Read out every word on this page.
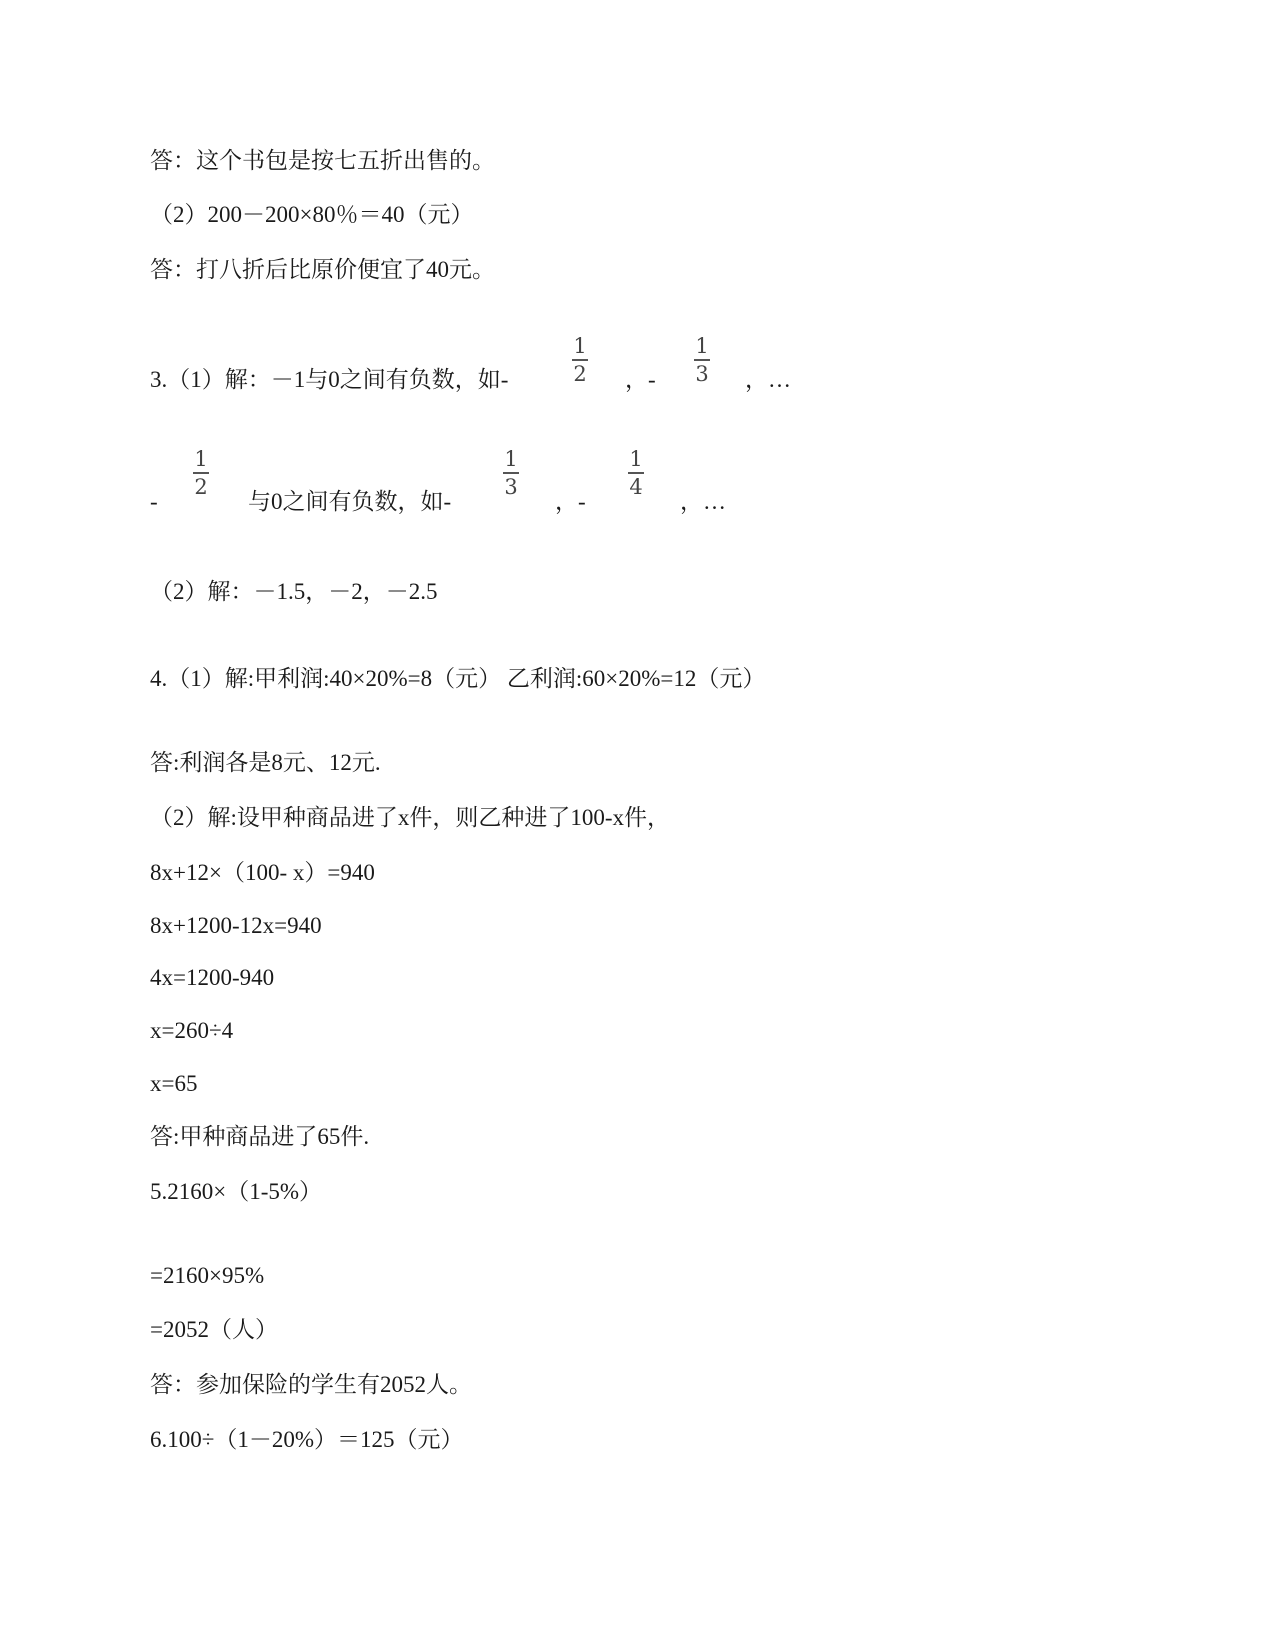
答：这个书包是按七五折出售的。
（2）200－200×80％＝40（元）
答：打八折后比原价便宜了40元。
3.（1）解：－1与0之间有负数，如-
1
2 ，-
1
3 ，…
-
1
2
与0之间有负数，如-
1
3
，-
1
4
，…
（2）解：－1.5，－2，－2.5
4.（1）解:甲利润:40×20%=8（元） 乙利润:60×20%=12（元）
答:利润各是8元、12元.
（2）解:设甲种商品进了x件，则乙种进了100-x件，
8x+12×（100- x）=940
8x+1200-12x=940
4x=1200-940
x=260÷4
x=65
答:甲种商品进了65件.
5.2160×（1-5%）
=2160×95%
=2052（人）
答：参加保险的学生有2052人。
6.100÷（1－20%）＝125（元）
